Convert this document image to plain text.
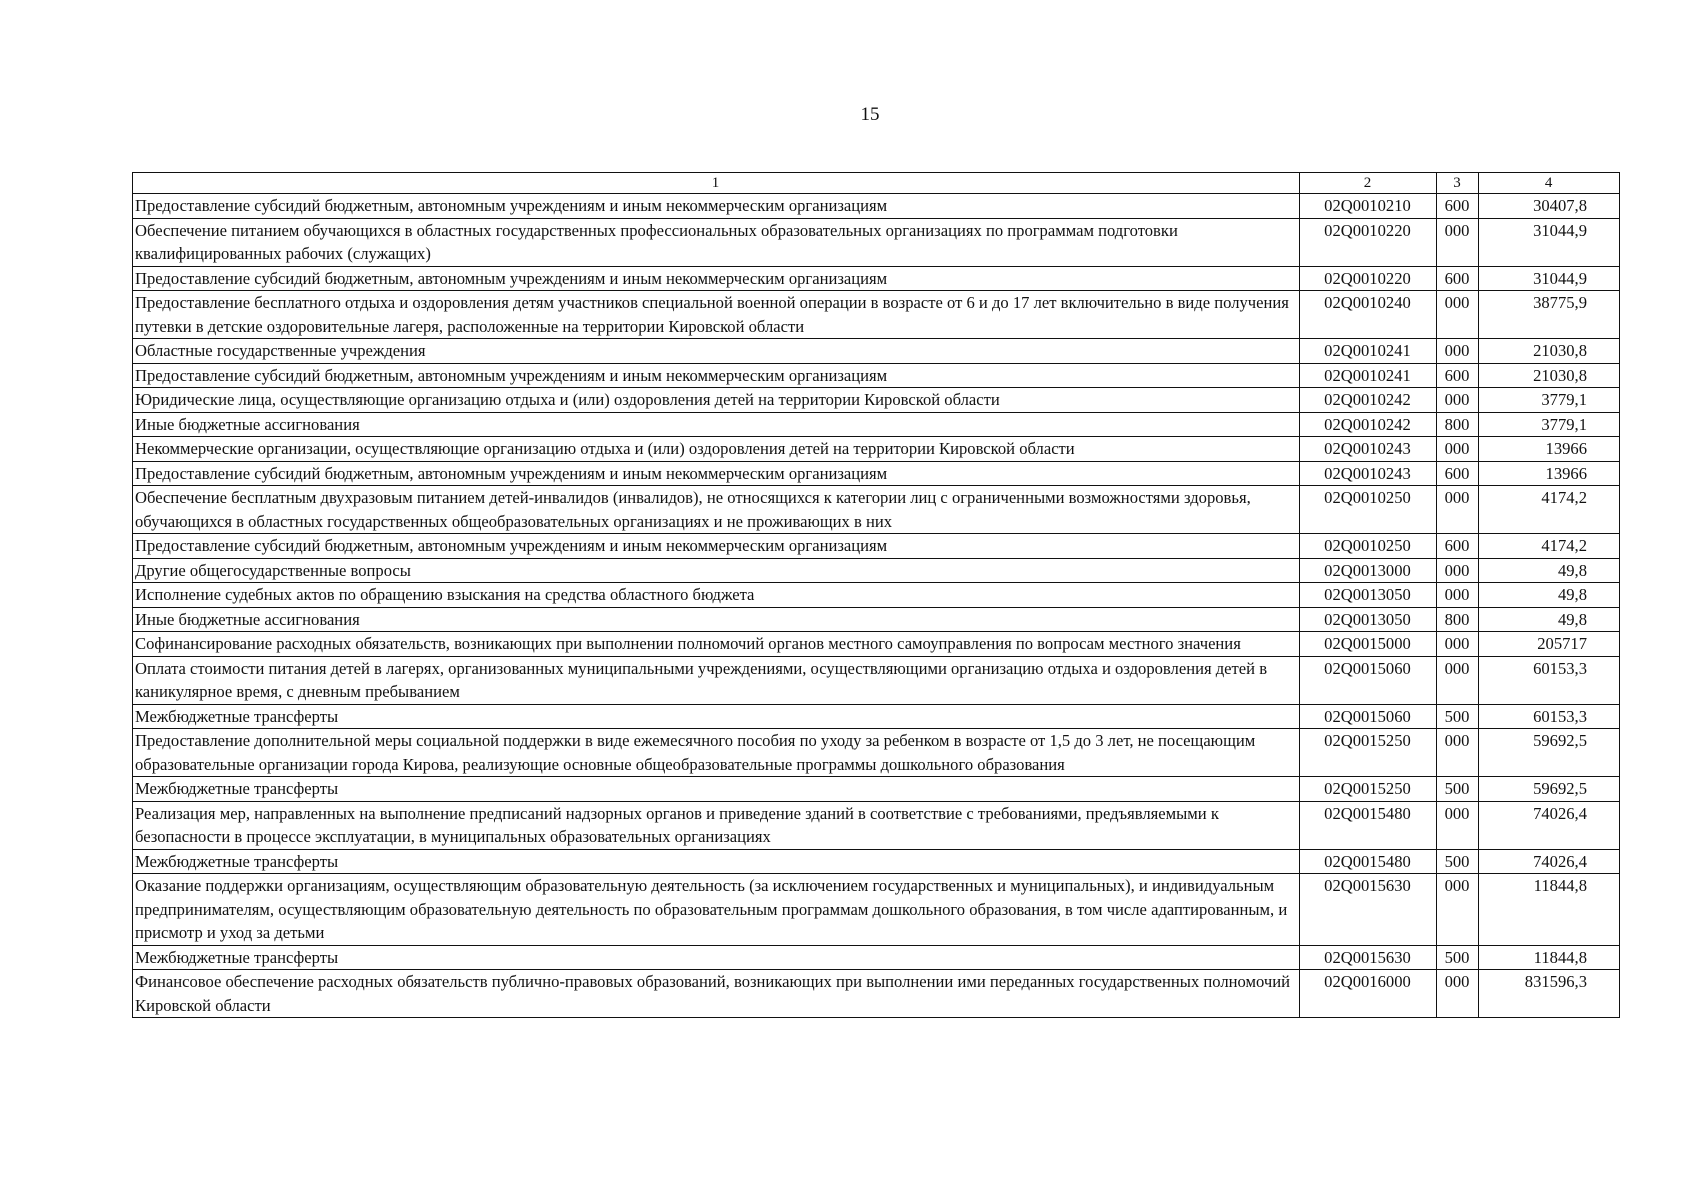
15
1	2	3	4
Предоставление субсидий бюджетным, автономным учреждениям и иным некоммерческим организациям	02Q0010210	600	30407,8
Обеспечение питанием обучающихся в областных государственных профессиональных образовательных организациях по программам подготовки квалифицированных рабочих (служащих)	02Q0010220	000	31044,9
Предоставление субсидий бюджетным, автономным учреждениям и иным некоммерческим организациям	02Q0010220	600	31044,9
Предоставление бесплатного отдыха и оздоровления детям участников специальной военной операции в возрасте от 6 и до 17 лет включительно в виде получения путевки в детские оздоровительные лагеря, расположенные на территории Кировской области	02Q0010240	000	38775,9
Областные государственные учреждения	02Q0010241	000	21030,8
Предоставление субсидий бюджетным, автономным учреждениям и иным некоммерческим организациям	02Q0010241	600	21030,8
Юридические лица, осуществляющие организацию отдыха и (или) оздоровления детей на территории Кировской области	02Q0010242	000	3779,1
Иные бюджетные ассигнования	02Q0010242	800	3779,1
Некоммерческие организации, осуществляющие организацию отдыха и (или) оздоровления детей на территории Кировской области	02Q0010243	000	13966
Предоставление субсидий бюджетным, автономным учреждениям и иным некоммерческим организациям	02Q0010243	600	13966
Обеспечение бесплатным двухразовым питанием детей-инвалидов (инвалидов), не относящихся к категории лиц с ограниченными возможностями здоровья, обучающихся в областных государственных общеобразовательных организациях и не проживающих в них	02Q0010250	000	4174,2
Предоставление субсидий бюджетным, автономным учреждениям и иным некоммерческим организациям	02Q0010250	600	4174,2
Другие общегосударственные вопросы	02Q0013000	000	49,8
Исполнение судебных актов по обращению взыскания на средства областного бюджета	02Q0013050	000	49,8
Иные бюджетные ассигнования	02Q0013050	800	49,8
Софинансирование расходных обязательств, возникающих при выполнении полномочий органов местного самоуправления по вопросам местного значения	02Q0015000	000	205717
Оплата стоимости питания детей в лагерях, организованных муниципальными учреждениями, осуществляющими организацию отдыха и оздоровления детей в каникулярное время, с дневным пребыванием	02Q0015060	000	60153,3
Межбюджетные трансферты	02Q0015060	500	60153,3
Предоставление дополнительной меры социальной поддержки в виде ежемесячного пособия по уходу за ребенком в возрасте от 1,5 до 3 лет, не посещающим образовательные организации города Кирова, реализующие основные общеобразовательные программы дошкольного образования	02Q0015250	000	59692,5
Межбюджетные трансферты	02Q0015250	500	59692,5
Реализация мер, направленных на выполнение предписаний надзорных органов и приведение зданий в соответствие с требованиями, предъявляемыми к безопасности в процессе эксплуатации, в муниципальных образовательных организациях	02Q0015480	000	74026,4
Межбюджетные трансферты	02Q0015480	500	74026,4
Оказание поддержки организациям, осуществляющим образовательную деятельность (за исключением государственных и муниципальных), и индивидуальным предпринимателям, осуществляющим образовательную деятельность по образовательным программам дошкольного образования, в том числе адаптированным, и присмотр и уход за детьми	02Q0015630	000	11844,8
Межбюджетные трансферты	02Q0015630	500	11844,8
Финансовое обеспечение расходных обязательств публично-правовых образований, возникающих при выполнении ими переданных государственных полномочий Кировской области	02Q0016000	000	831596,3
